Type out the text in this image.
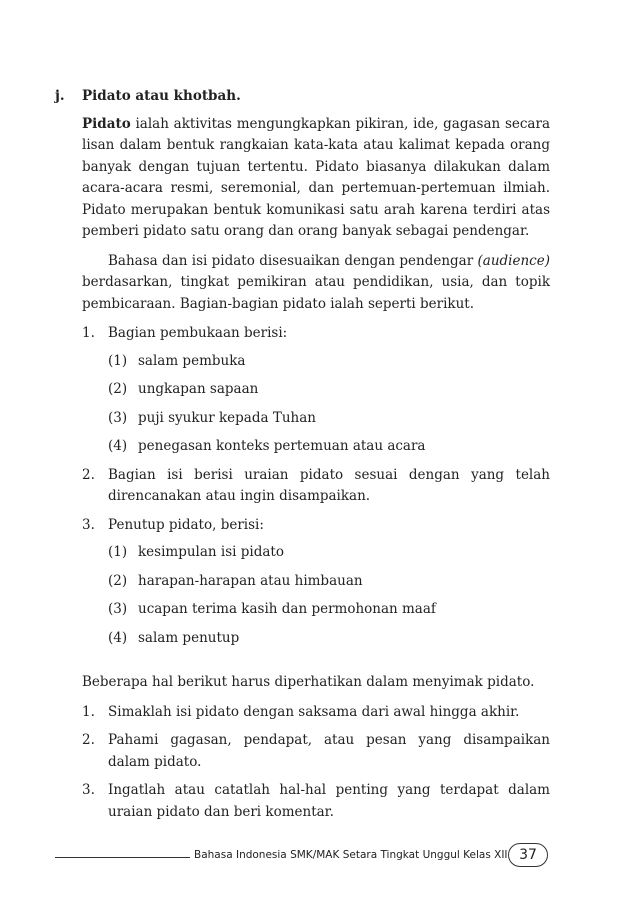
j.	Pidato atau khotbah.

Pidato ialah aktivitas mengungkapkan pikiran, ide, gagasan secara lisan dalam bentuk rangkaian kata-kata atau kalimat kepada orang banyak dengan tujuan tertentu. Pidato biasanya dilakukan dalam acara-acara resmi, seremonial, dan pertemuan-pertemuan ilmiah. Pidato merupakan bentuk komunikasi satu arah karena terdiri atas pemberi pidato satu orang dan orang banyak sebagai pendengar.

Bahasa dan isi pidato disesuaikan dengan pendengar (audience) berdasarkan, tingkat pemikiran atau pendidikan, usia, dan topik pembicaraan. Bagian-bagian pidato ialah seperti berikut.

1. Bagian pembukaan berisi:
(1) salam pembuka
(2) ungkapan sapaan
(3) puji syukur kepada Tuhan
(4) penegasan konteks pertemuan atau acara
2. Bagian isi berisi uraian pidato sesuai dengan yang telah direncanakan atau ingin disampaikan.
3. Penutup pidato, berisi:
(1) kesimpulan isi pidato
(2) harapan-harapan atau himbauan
(3) ucapan terima kasih dan permohonan maaf
(4) salam penutup

Beberapa hal berikut harus diperhatikan dalam menyimak pidato.

1. Simaklah isi pidato dengan saksama dari awal hingga akhir.
2. Pahami gagasan, pendapat, atau pesan yang disampaikan dalam pidato.
3. Ingatlah atau catatlah hal-hal penting yang terdapat dalam uraian pidato dan beri komentar.
Bahasa Indonesia SMK/MAK Setara Tingkat Unggul Kelas XII 37
